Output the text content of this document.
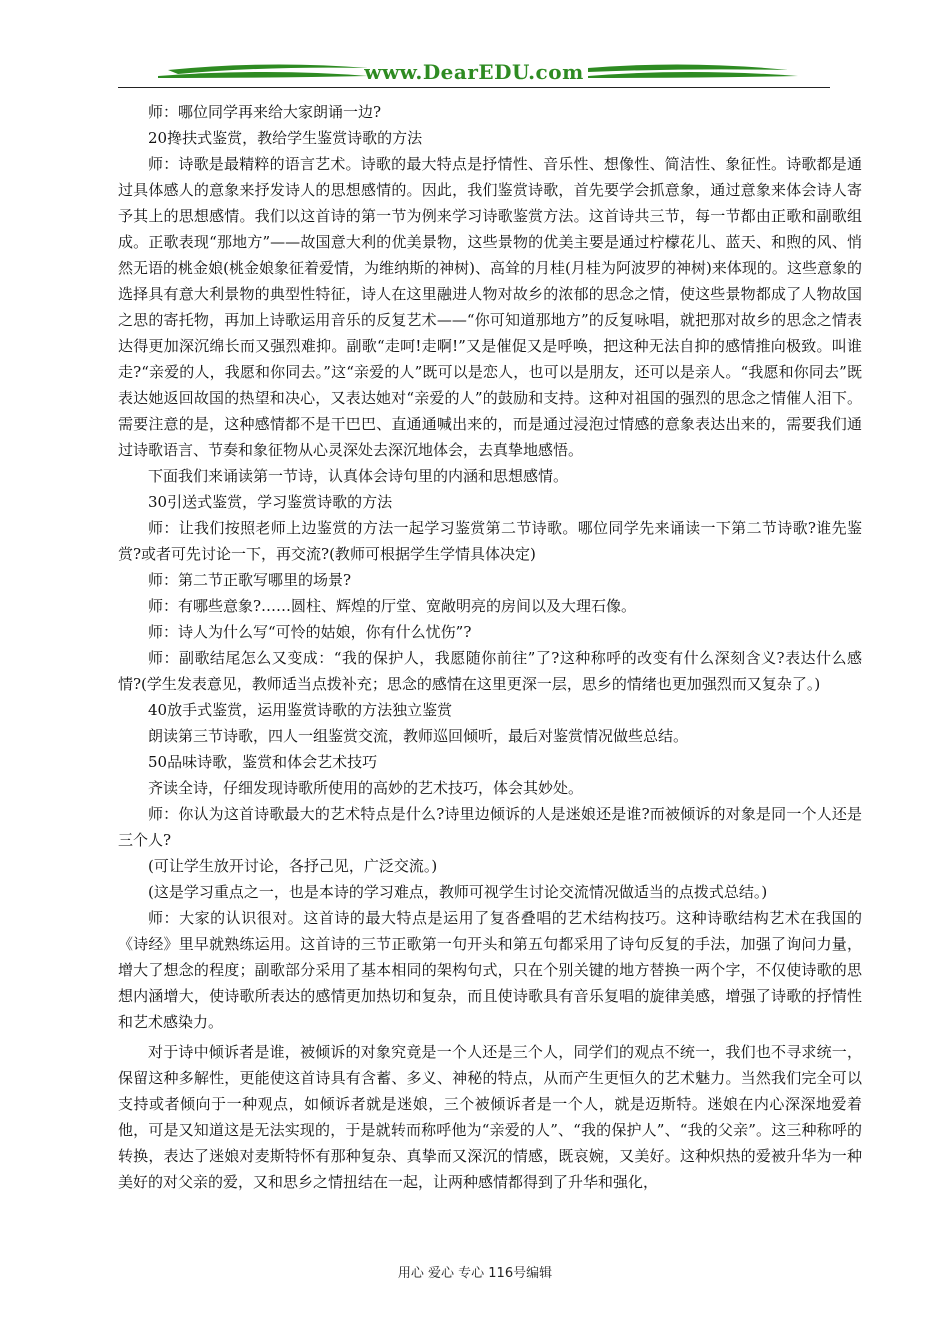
www.DearEDU.com

师：哪位同学再来给大家朗诵一边?

20搀扶式鉴赏，教给学生鉴赏诗歌的方法

师：诗歌是最精粹的语言艺术。诗歌的最大特点是抒情性、音乐性、想像性、简洁性、象征性。诗歌都是通过具体感人的意象来抒发诗人的思想感情的。因此，我们鉴赏诗歌，首先要学会抓意象，通过意象来体会诗人寄予其上的思想感情。我们以这首诗的第一节为例来学习诗歌鉴赏方法。这首诗共三节，每一节都由正歌和副歌组成。正歌表现“那地方”——故国意大利的优美景物，这些景物的优美主要是通过柠檬花儿、蓝天、和煦的风、悄然无语的桃金娘(桃金娘象征着爱情，为维纳斯的神树)、高耸的月桂(月桂为阿波罗的神树)来体现的。这些意象的选择具有意大利景物的典型性特征，诗人在这里融进人物对故乡的浓郁的思念之情，使这些景物都成了人物故国之思的寄托物，再加上诗歌运用音乐的反复艺术——“你可知道那地方”的反复咏唱，就把那对故乡的思念之情表达得更加深沉绵长而又强烈难抑。副歌“走呵!走啊!”又是催促又是呼唤，把这种无法自抑的感情推向极致。叫谁走?“亲爱的人，我愿和你同去。”这“亲爱的人”既可以是恋人，也可以是朋友，还可以是亲人。“我愿和你同去”既表达她返回故国的热望和决心，又表达她对“亲爱的人”的鼓励和支持。这种对祖国的强烈的思念之情催人泪下。需要注意的是，这种感情都不是干巴巴、直通通喊出来的，而是通过浸泡过情感的意象表达出来的，需要我们通过诗歌语言、节奏和象征物从心灵深处去深沉地体会，去真挚地感悟。

下面我们来诵读第一节诗，认真体会诗句里的内涵和思想感情。

30引送式鉴赏，学习鉴赏诗歌的方法

师：让我们按照老师上边鉴赏的方法一起学习鉴赏第二节诗歌。哪位同学先来诵读一下第二节诗歌?谁先鉴赏?或者可先讨论一下，再交流?(教师可根据学生学情具体决定)

师：第二节正歌写哪里的场景?

师：有哪些意象?……圆柱、辉煌的厅堂、宽敞明亮的房间以及大理石像。

师：诗人为什么写“可怜的姑娘，你有什么忧伤”?

师：副歌结尾怎么又变成：“我的保护人，我愿随你前往”了?这种称呼的改变有什么深刻含义?表达什么感情?(学生发表意见，教师适当点拨补充；思念的感情在这里更深一层，思乡的情绪也更加强烈而又复杂了。)

40放手式鉴赏，运用鉴赏诗歌的方法独立鉴赏

朗读第三节诗歌，四人一组鉴赏交流，教师巡回倾听，最后对鉴赏情况做些总结。

50品味诗歌，鉴赏和体会艺术技巧

齐读全诗，仔细发现诗歌所使用的高妙的艺术技巧，体会其妙处。

师：你认为这首诗歌最大的艺术特点是什么?诗里边倾诉的人是迷娘还是谁?而被倾诉的对象是同一个人还是三个人?

(可让学生放开讨论，各抒己见，广泛交流。)

(这是学习重点之一，也是本诗的学习难点，教师可视学生讨论交流情况做适当的点拨式总结。)

师：大家的认识很对。这首诗的最大特点是运用了复沓叠唱的艺术结构技巧。这种诗歌结构艺术在我国的《诗经》里早就熟练运用。这首诗的三节正歌第一句开头和第五句都采用了诗句反复的手法，加强了询问力量，增大了想念的程度；副歌部分采用了基本相同的架构句式，只在个别关键的地方替换一两个字，不仅使诗歌的思想内涵增大，使诗歌所表达的感情更加热切和复杂，而且使诗歌具有音乐复唱的旋律美感，增强了诗歌的抒情性和艺术感染力。

对于诗中倾诉者是谁，被倾诉的对象究竟是一个人还是三个人，同学们的观点不统一，我们也不寻求统一，保留这种多解性，更能使这首诗具有含蓄、多义、神秘的特点，从而产生更恒久的艺术魅力。当然我们完全可以支持或者倾向于一种观点，如倾诉者就是迷娘，三个被倾诉者是一个人，就是迈斯特。迷娘在内心深深地爱着他，可是又知道这是无法实现的，于是就转而称呼他为“亲爱的人”、“我的保护人”、“我的父亲”。这三种称呼的转换，表达了迷娘对麦斯特怀有那种复杂、真挚而又深沉的情感，既哀婉，又美好。这种炽热的爱被升华为一种美好的对父亲的爱，又和思乡之情扭结在一起，让两种感情都得到了升华和强化，

用心 爱心 专心 116号编辑
